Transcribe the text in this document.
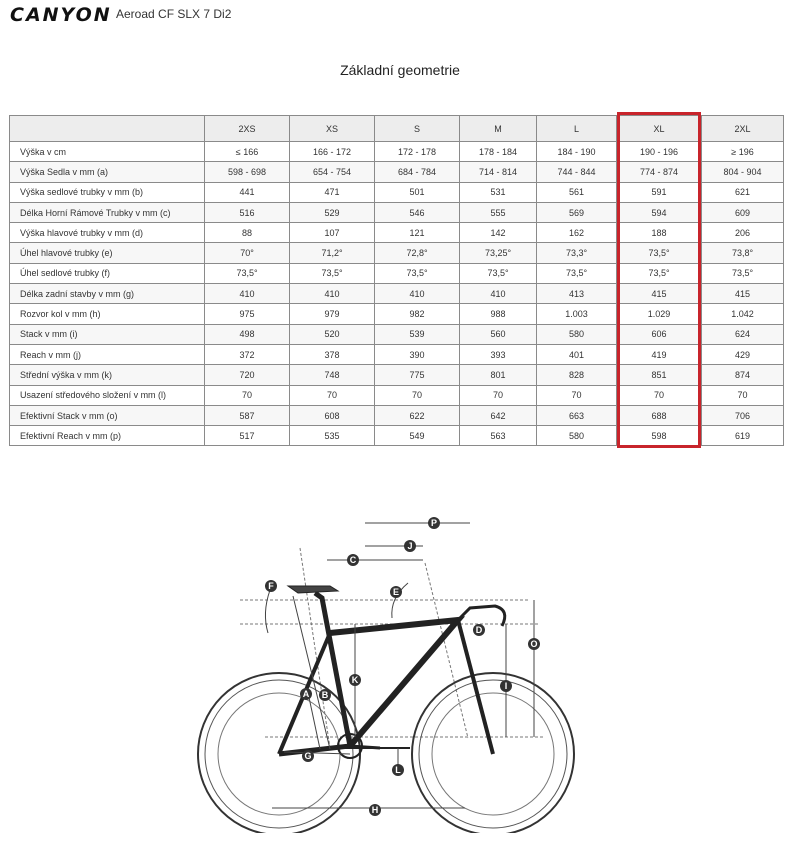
CANYON Aeroad CF SLX 7 Di2
Základní geometrie
	2XS	XS	S	M	L	XL	2XL
Výška v cm	≤ 166	166 - 172	172 - 178	178 - 184	184 - 190	190 - 196	≥ 196
Výška Sedla v mm (a)	598 - 698	654 - 754	684 - 784	714 - 814	744 - 844	774 - 874	804 - 904
Výška sedlové trubky v mm (b)	441	471	501	531	561	591	621
Délka Horní Rámové Trubky v mm (c)	516	529	546	555	569	594	609
Výška hlavové trubky v mm (d)	88	107	121	142	162	188	206
Úhel hlavové trubky (e)	70°	71,2°	72,8°	73,25°	73,3°	73,5°	73,8°
Úhel sedlové trubky (f)	73,5°	73,5°	73,5°	73,5°	73,5°	73,5°	73,5°
Délka zadní stavby v mm (g)	410	410	410	410	413	415	415
Rozvor kol v mm (h)	975	979	982	988	1.003	1.029	1.042
Stack v mm (i)	498	520	539	560	580	606	624
Reach v mm (j)	372	378	390	393	401	419	429
Střední výška v mm (k)	720	748	775	801	828	851	874
Usazení středového složení v mm (l)	70	70	70	70	70	70	70
Efektivní Stack v mm (o)	587	608	622	642	663	688	706
Efektivní Reach v mm (p)	517	535	549	563	580	598	619
P
J
C
F
E
D
O
K
I
A B
G
L
H
